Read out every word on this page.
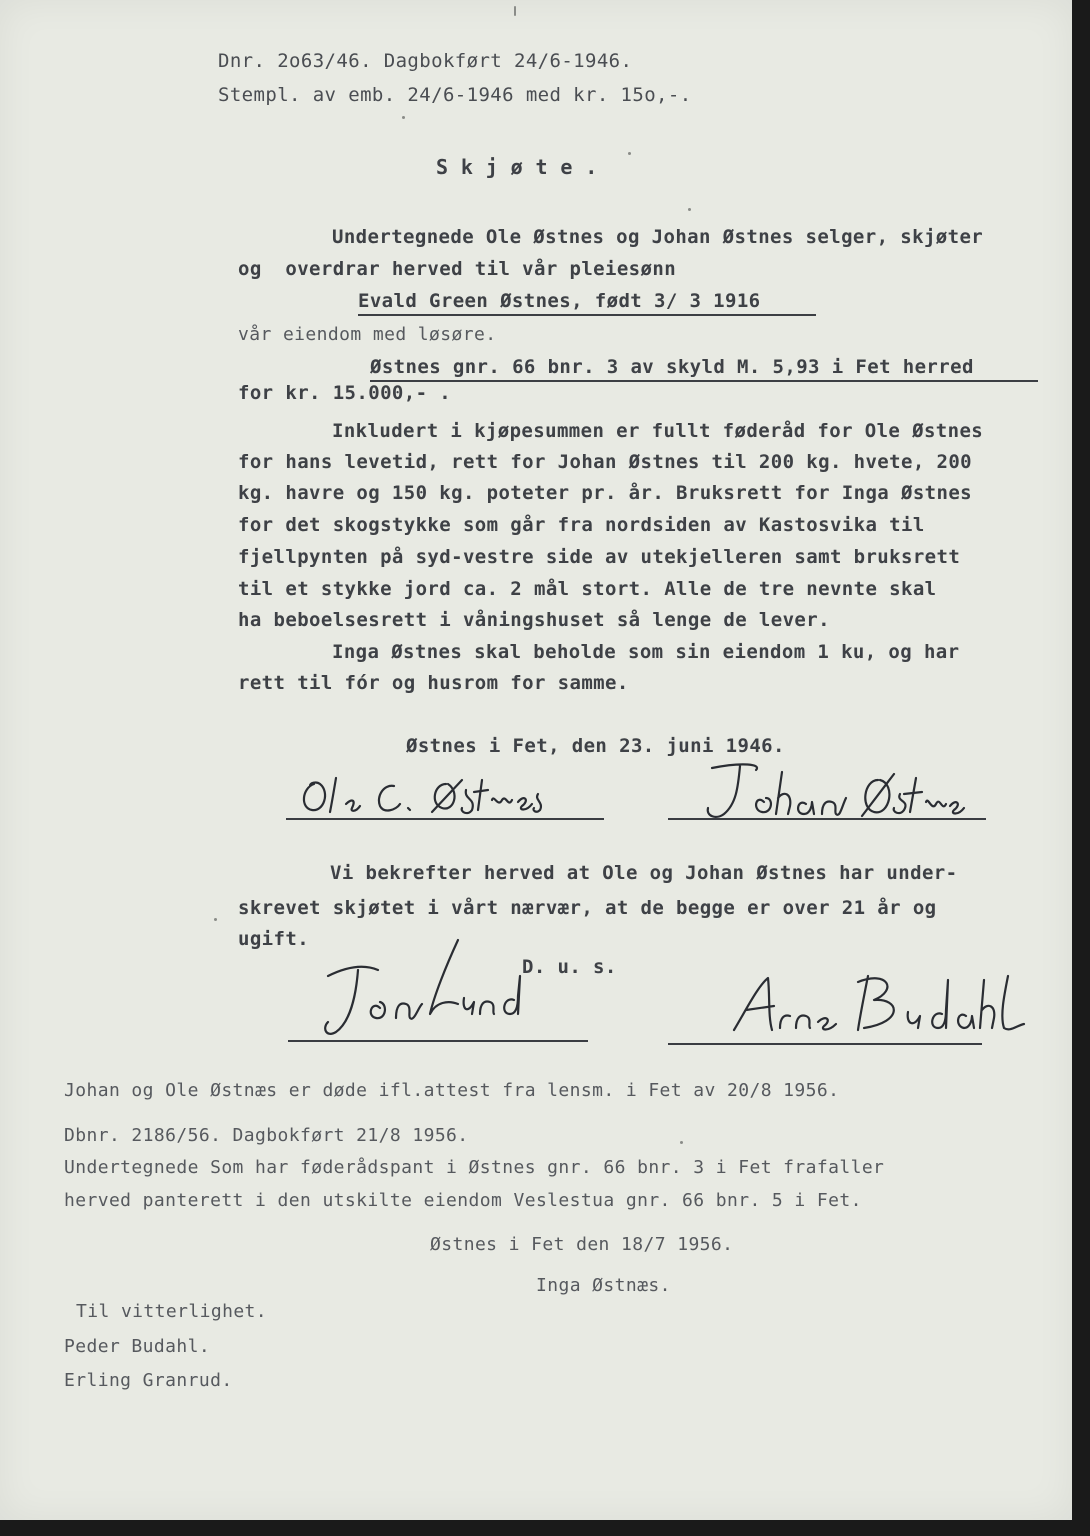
Dnr. 2o63/46. Dagbokført 24/6-1946.
Stempl. av emb. 24/6-1946 med kr. 15o,-.
S k j ø t e .
Undertegnede Ole Østnes og Johan Østnes selger, skjøter
og  overdrar herved til vår pleiesønn
Evald Green Østnes, født 3/ 3 1916
vår eiendom med løsøre.
Østnes gnr. 66 bnr. 3 av skyld M. 5,93 i Fet herred
for kr. 15.000,- .
Inkludert i kjøpesummen er fullt føderåd for Ole Østnes
for hans levetid, rett for Johan Østnes til 200 kg. hvete, 200
kg. havre og 150 kg. poteter pr. år. Bruksrett for Inga Østnes
for det skogstykke som går fra nordsiden av Kastosvika til
fjellpynten på syd-vestre side av utekjelleren samt bruksrett
til et stykke jord ca. 2 mål stort. Alle de tre nevnte skal
ha beboelsesrett i våningshuset så lenge de lever.
Inga Østnes skal beholde som sin eiendom 1 ku, og har
rett til fór og husrom for samme.
Østnes i Fet, den 23. juni 1946.
Vi bekrefter herved at Ole og Johan Østnes har under-
skrevet skjøtet i vårt nærvær, at de begge er over 21 år og
ugift.
D. u. s.
Johan og Ole Østnæs er døde ifl.attest fra lensm. i Fet av 20/8 1956.
Dbnr. 2186/56. Dagbokført 21/8 1956.
Undertegnede Som har føderådspant i Østnes gnr. 66 bnr. 3 i Fet frafaller
herved panterett i den utskilte eiendom Veslestua gnr. 66 bnr. 5 i Fet.
Østnes i Fet den 18/7 1956.
Inga Østnæs.
Til vitterlighet.
Peder Budahl.
Erling Granrud.
